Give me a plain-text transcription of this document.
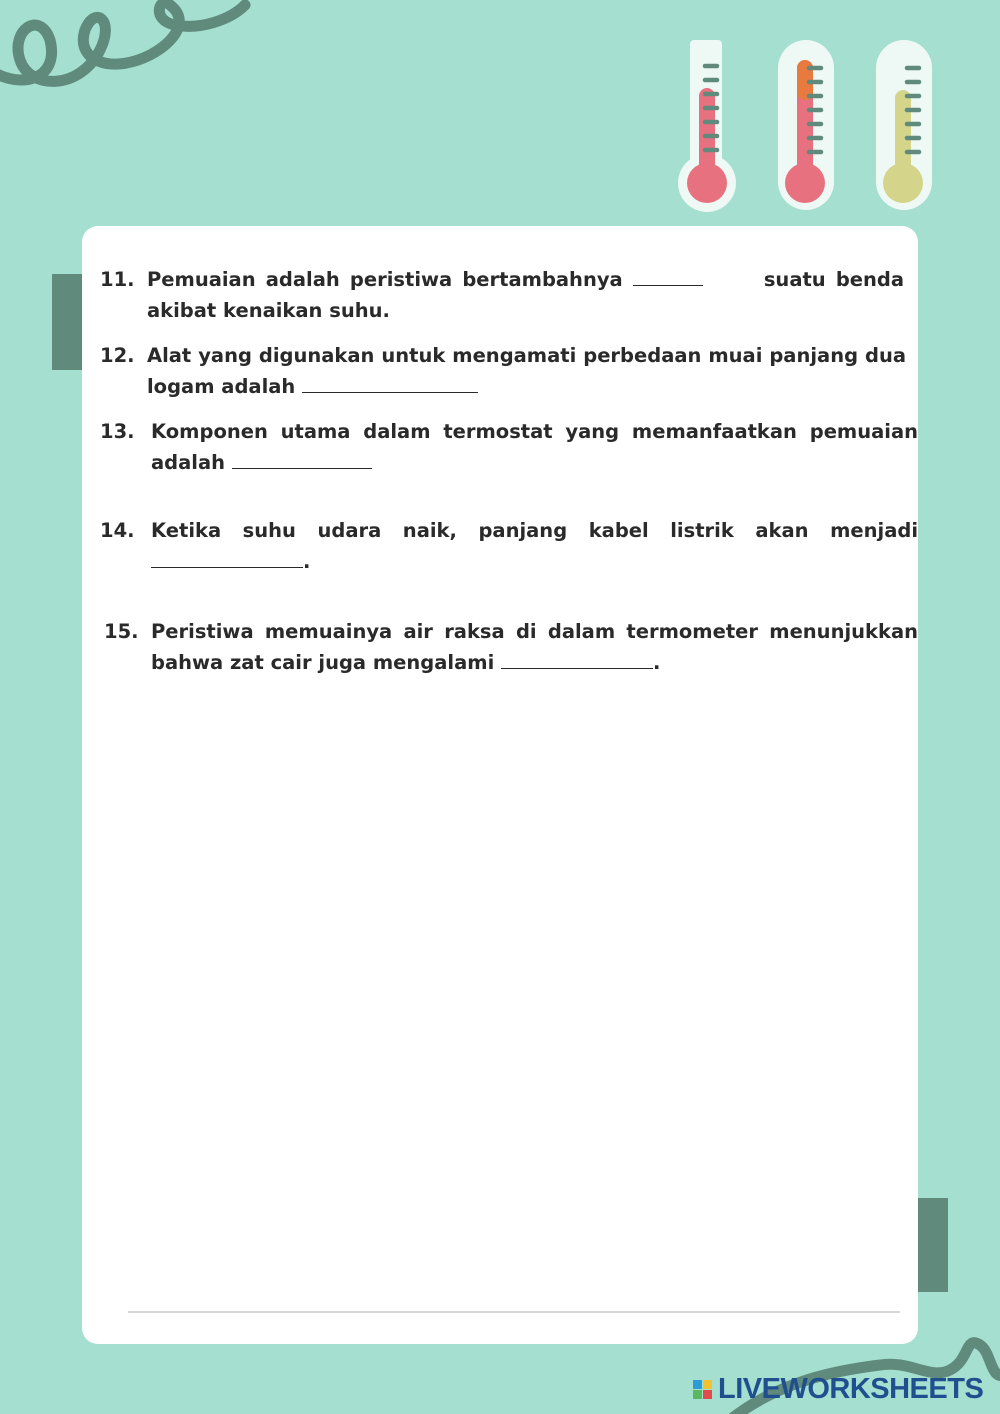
11. Pemuaian adalah peristiwa bertambahnya	suatu benda akibat kenaikan suhu.
12. Alat yang digunakan untuk mengamati perbedaan muai panjang dua logam adalah
13. Komponen utama dalam termostat yang memanfaatkan pemuaian adalah
14. Ketika suhu udara naik, panjang kabel listrik akan menjadi .
15. Peristiwa memuainya air raksa di dalam termometer menunjukkan bahwa zat cair juga mengalami	.
LIVEWORKSHEETS
